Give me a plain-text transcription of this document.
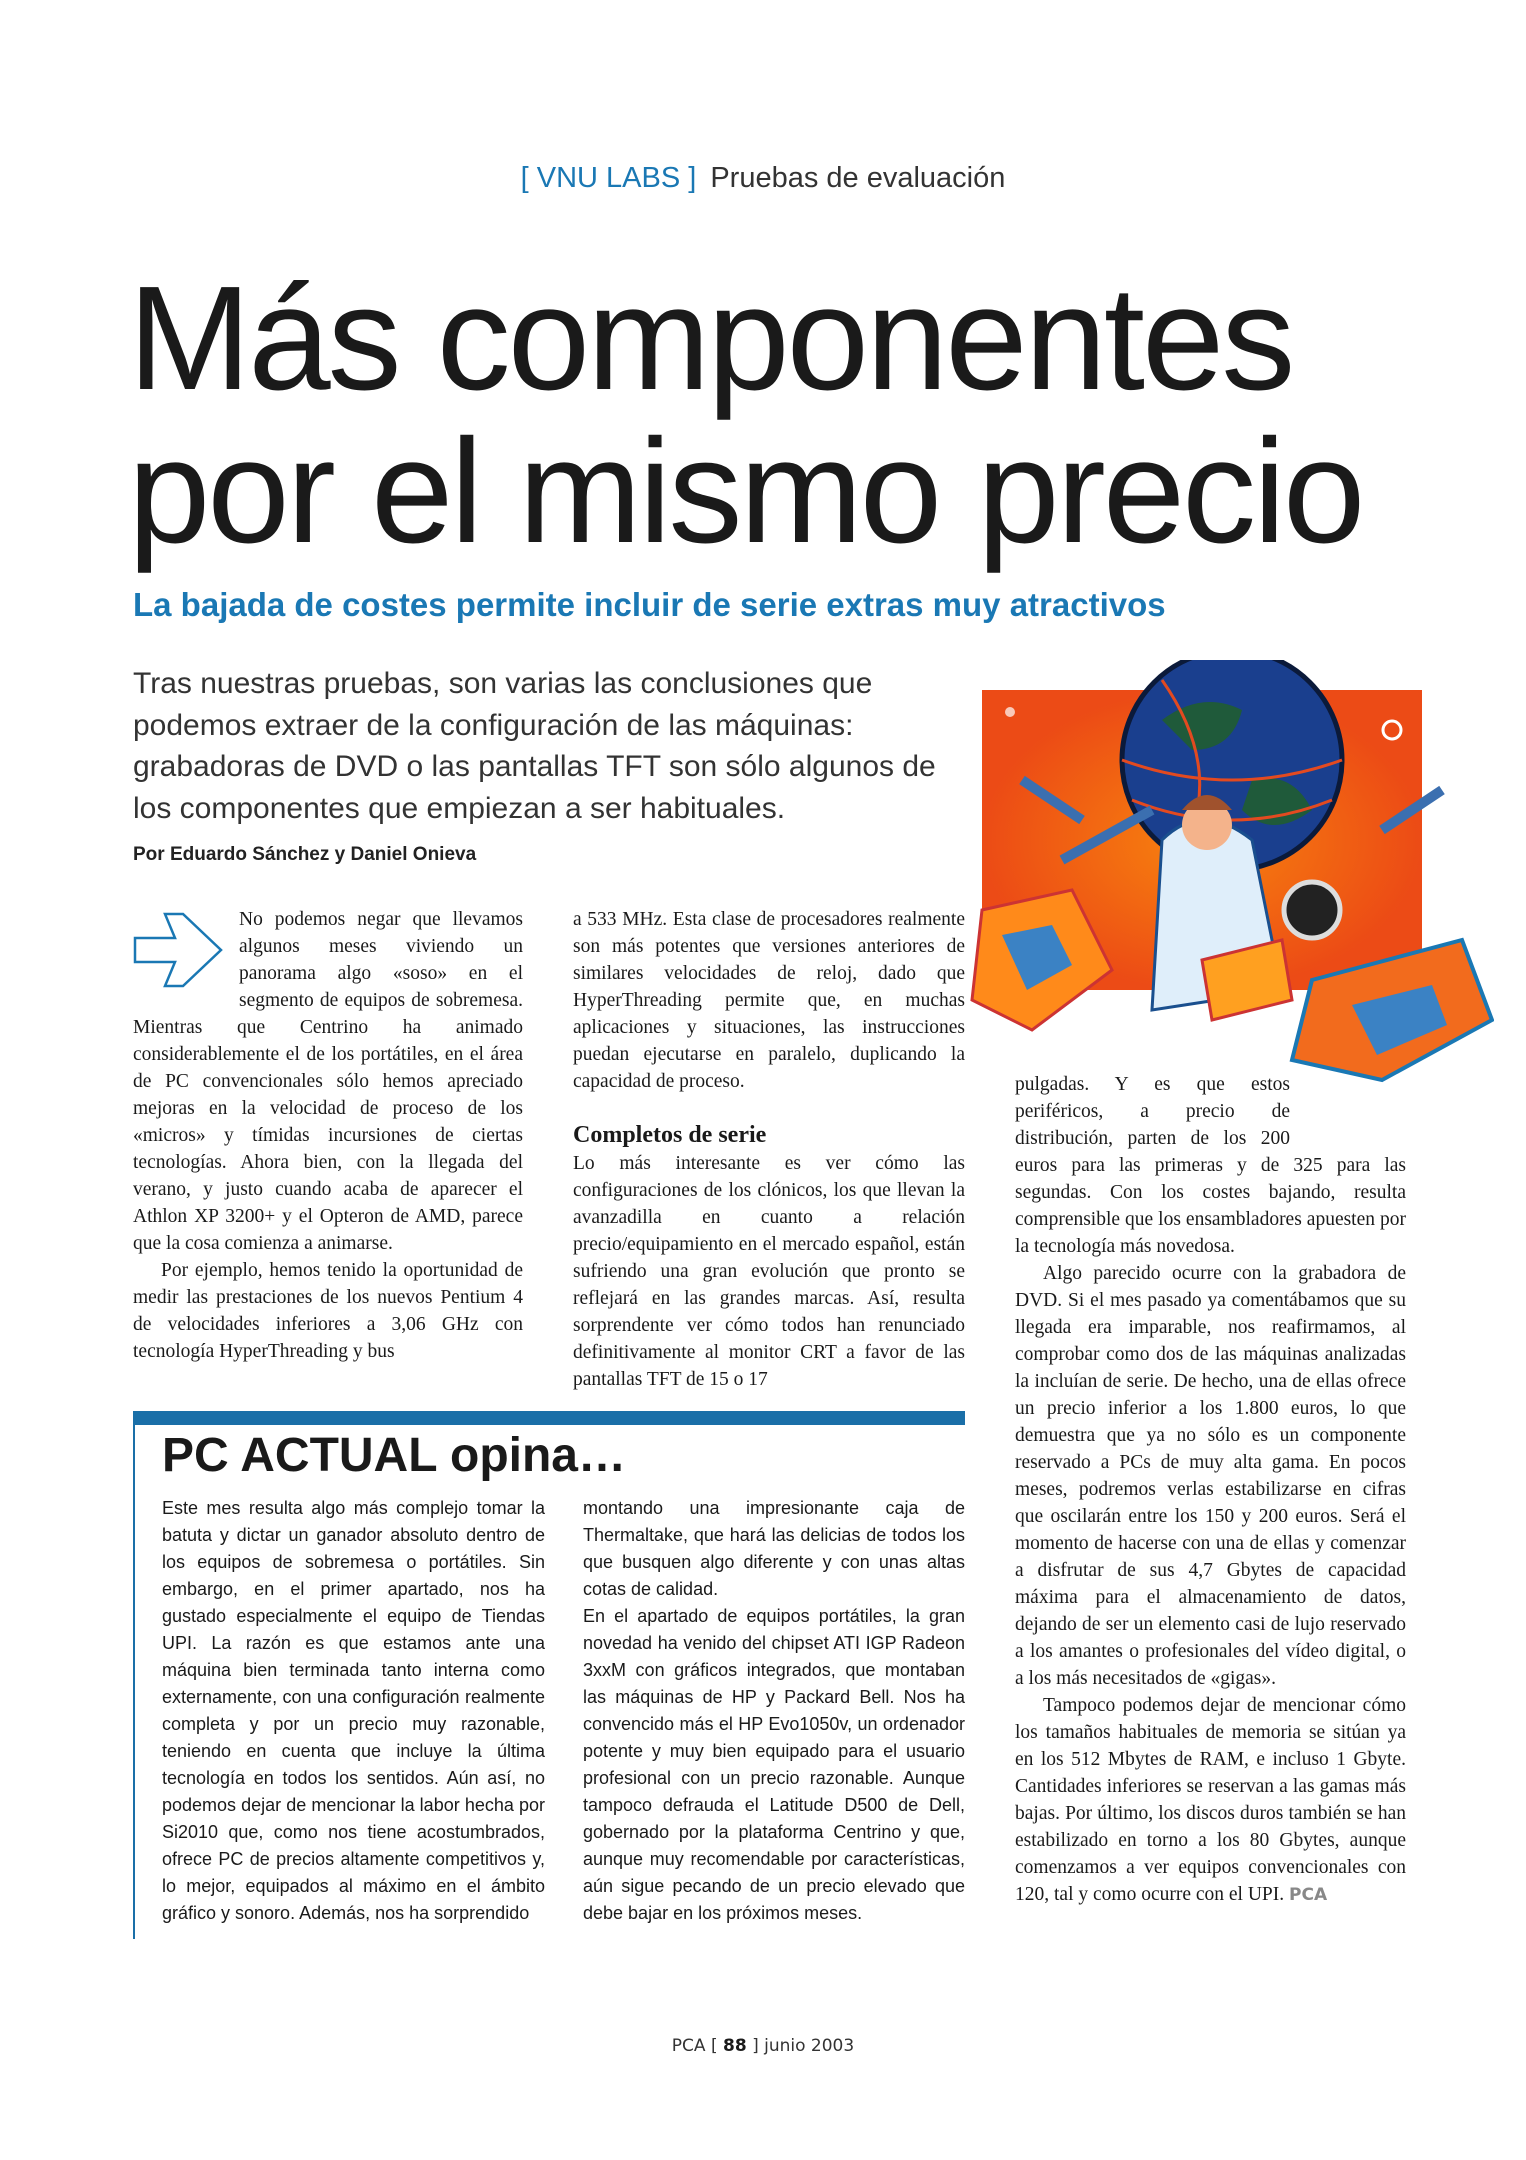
[ VNU LABS ] Pruebas de evaluación
Más componentes
por el mismo precio
La bajada de costes permite incluir de serie extras muy atractivos

Tras nuestras pruebas, son varias las conclusiones que podemos extraer de la configuración de las máquinas: grabadoras de DVD o las pantallas TFT son sólo algunos de los componentes que empiezan a ser habituales.

Por Eduardo Sánchez y Daniel Onieva

No podemos negar que llevamos algunos meses viviendo un panorama algo «soso» en el segmento de equipos de sobremesa. Mientras que Centrino ha animado considerablemente el de los portátiles, en el área de PC convencionales sólo hemos apreciado mejoras en la velocidad de proceso de los «micros» y tímidas incursiones de ciertas tecnologías. Ahora bien, con la llegada del verano, y justo cuando acaba de aparecer el Athlon XP 3200+ y el Opteron de AMD, parece que la cosa comienza a animarse.

Por ejemplo, hemos tenido la oportunidad de medir las prestaciones de los nuevos Pentium 4 de velocidades inferiores a 3,06 GHz con tecnología HyperThreading y bus

a 533 MHz. Esta clase de procesadores realmente son más potentes que versiones anteriores de similares velocidades de reloj, dado que HyperThreading permite que, en muchas aplicaciones y situaciones, las instrucciones puedan ejecutarse en paralelo, duplicando la capacidad de proceso.

Completos de serie

Lo más interesante es ver cómo las configuraciones de los clónicos, los que llevan la avanzadilla en cuanto a relación precio/equipamiento en el mercado español, están sufriendo una gran evolución que pronto se reflejará en las grandes marcas. Así, resulta sorprendente ver cómo todos han renunciado definitivamente al monitor CRT a favor de las pantallas TFT de 15 o 17

PC ACTUAL opina…

Este mes resulta algo más complejo tomar la batuta y dictar un ganador absoluto dentro de los equipos de sobremesa o portátiles. Sin embargo, en el primer apartado, nos ha gustado especialmente el equipo de Tiendas UPI. La razón es que estamos ante una máquina bien terminada tanto interna como externamente, con una configuración realmente completa y por un precio muy razonable, teniendo en cuenta que incluye la última tecnología en todos los sentidos. Aún así, no podemos dejar de mencionar la labor hecha por Si2010 que, como nos tiene acostumbrados, ofrece PC de precios altamente competitivos y, lo mejor, equipados al máximo en el ámbito gráfico y sonoro. Además, nos ha sorprendido

montando una impresionante caja de Thermaltake, que hará las delicias de todos los que busquen algo diferente y con unas altas cotas de calidad.

En el apartado de equipos portátiles, la gran novedad ha venido del chipset ATI IGP Radeon 3xxM con gráficos integrados, que montaban las máquinas de HP y Packard Bell. Nos ha convencido más el HP Evo1050v, un ordenador potente y muy bien equipado para el usuario profesional con un precio razonable. Aunque tampoco defrauda el Latitude D500 de Dell, gobernado por la plataforma Centrino y que, aunque muy recomendable por características, aún sigue pecando de un precio elevado que debe bajar en los próximos meses.

pulgadas. Y es que estos periféricos, a precio de distribución, parten de los 200 euros para las primeras y de 325 para las segundas. Con los costes bajando, resulta comprensible que los ensambladores apuesten por la tecnología más novedosa.

Algo parecido ocurre con la grabadora de DVD. Si el mes pasado ya comentábamos que su llegada era imparable, nos reafirmamos, al comprobar como dos de las máquinas analizadas la incluían de serie. De hecho, una de ellas ofrece un precio inferior a los 1.800 euros, lo que demuestra que ya no sólo es un componente reservado a PCs de muy alta gama. En pocos meses, podremos verlas estabilizarse en cifras que oscilarán entre los 150 y 200 euros. Será el momento de hacerse con una de ellas y comenzar a disfrutar de sus 4,7 Gbytes de capacidad máxima para el almacenamiento de datos, dejando de ser un elemento casi de lujo reservado a los amantes o profesionales del vídeo digital, o a los más necesitados de «gigas».

Tampoco podemos dejar de mencionar cómo los tamaños habituales de memoria se sitúan ya en los 512 Mbytes de RAM, e incluso 1 Gbyte. Cantidades inferiores se reservan a las gamas más bajas. Por último, los discos duros también se han estabilizado en torno a los 80 Gbytes, aunque comenzamos a ver equipos convencionales con 120, tal y como ocurre con el UPI. PCA

PCA [ 88 ] junio 2003
